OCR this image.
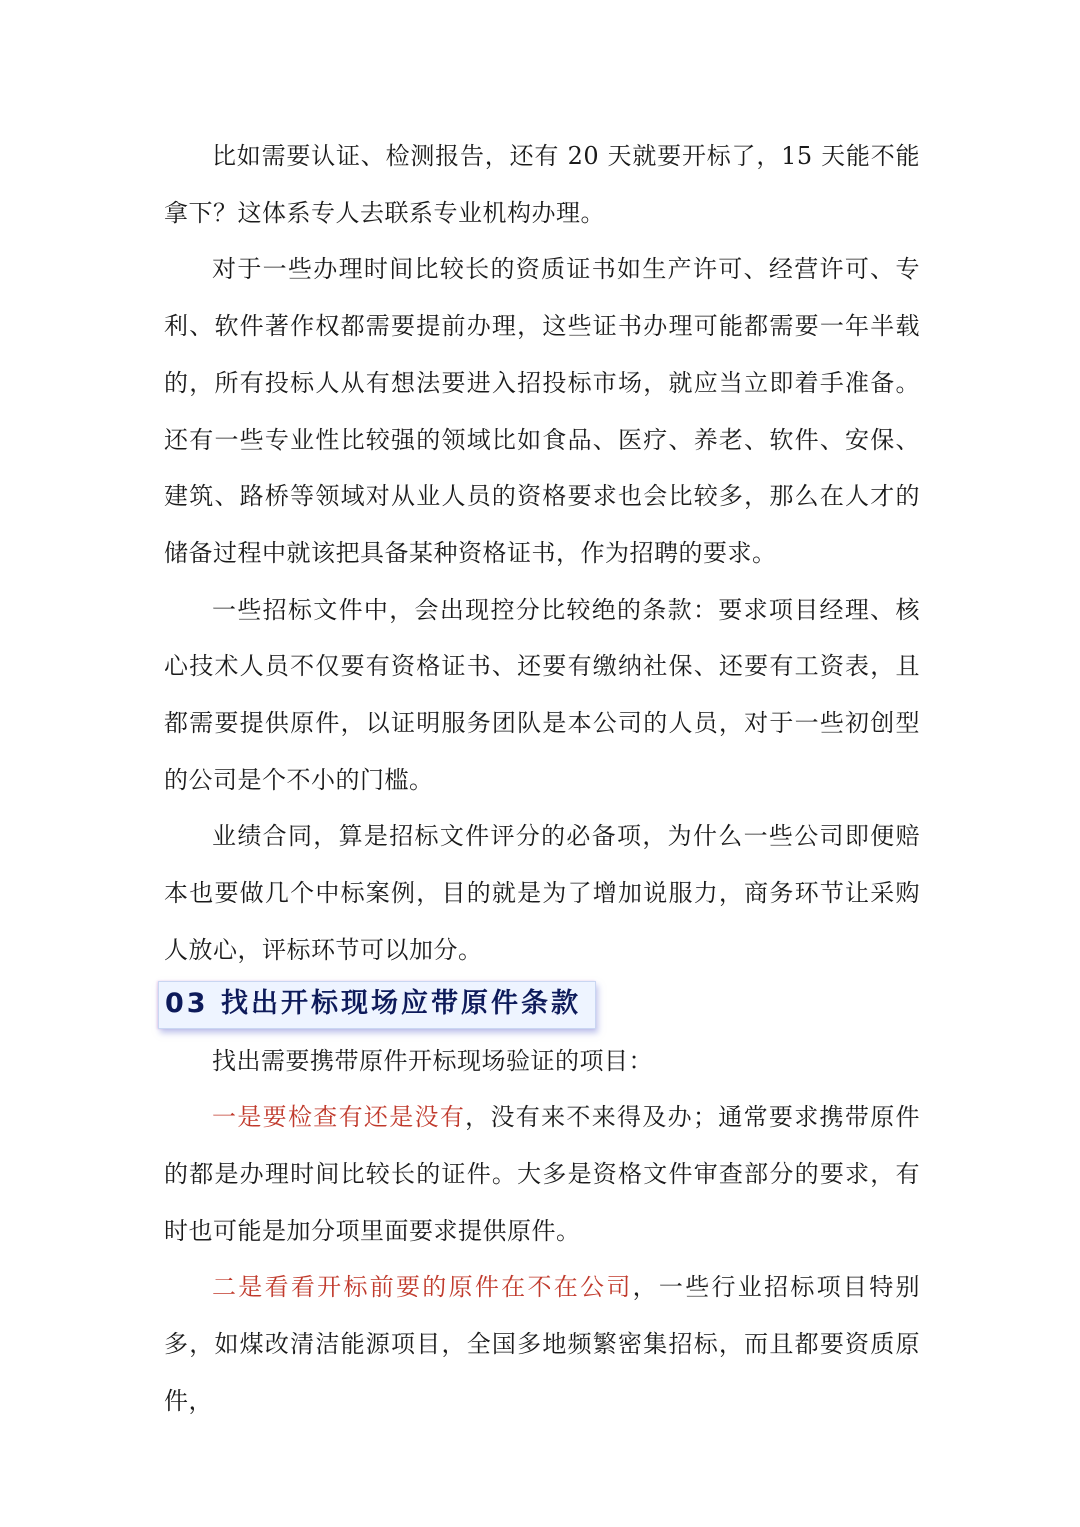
比如需要认证、检测报告，还有 20 天就要开标了，15 天能不能拿下？这体系专人去联系专业机构办理。

对于一些办理时间比较长的资质证书如生产许可、经营许可、专利、软件著作权都需要提前办理，这些证书办理可能都需要一年半载的，所有投标人从有想法要进入招投标市场，就应当立即着手准备。还有一些专业性比较强的领域比如食品、医疗、养老、软件、安保、建筑、路桥等领域对从业人员的资格要求也会比较多，那么在人才的储备过程中就该把具备某种资格证书，作为招聘的要求。

一些招标文件中，会出现控分比较绝的条款：要求项目经理、核心技术人员不仅要有资格证书、还要有缴纳社保、还要有工资表，且都需要提供原件，以证明服务团队是本公司的人员，对于一些初创型的公司是个不小的门槛。

业绩合同，算是招标文件评分的必备项，为什么一些公司即便赔本也要做几个中标案例，目的就是为了增加说服力，商务环节让采购人放心，评标环节可以加分。

03 找出开标现场应带原件条款

找出需要携带原件开标现场验证的项目：

一是要检查有还是没有，没有来不来得及办；通常要求携带原件的都是办理时间比较长的证件。大多是资格文件审查部分的要求，有时也可能是加分项里面要求提供原件。

二是看看开标前要的原件在不在公司，一些行业招标项目特别多，如煤改清洁能源项目，全国多地频繁密集招标，而且都要资质原件，
